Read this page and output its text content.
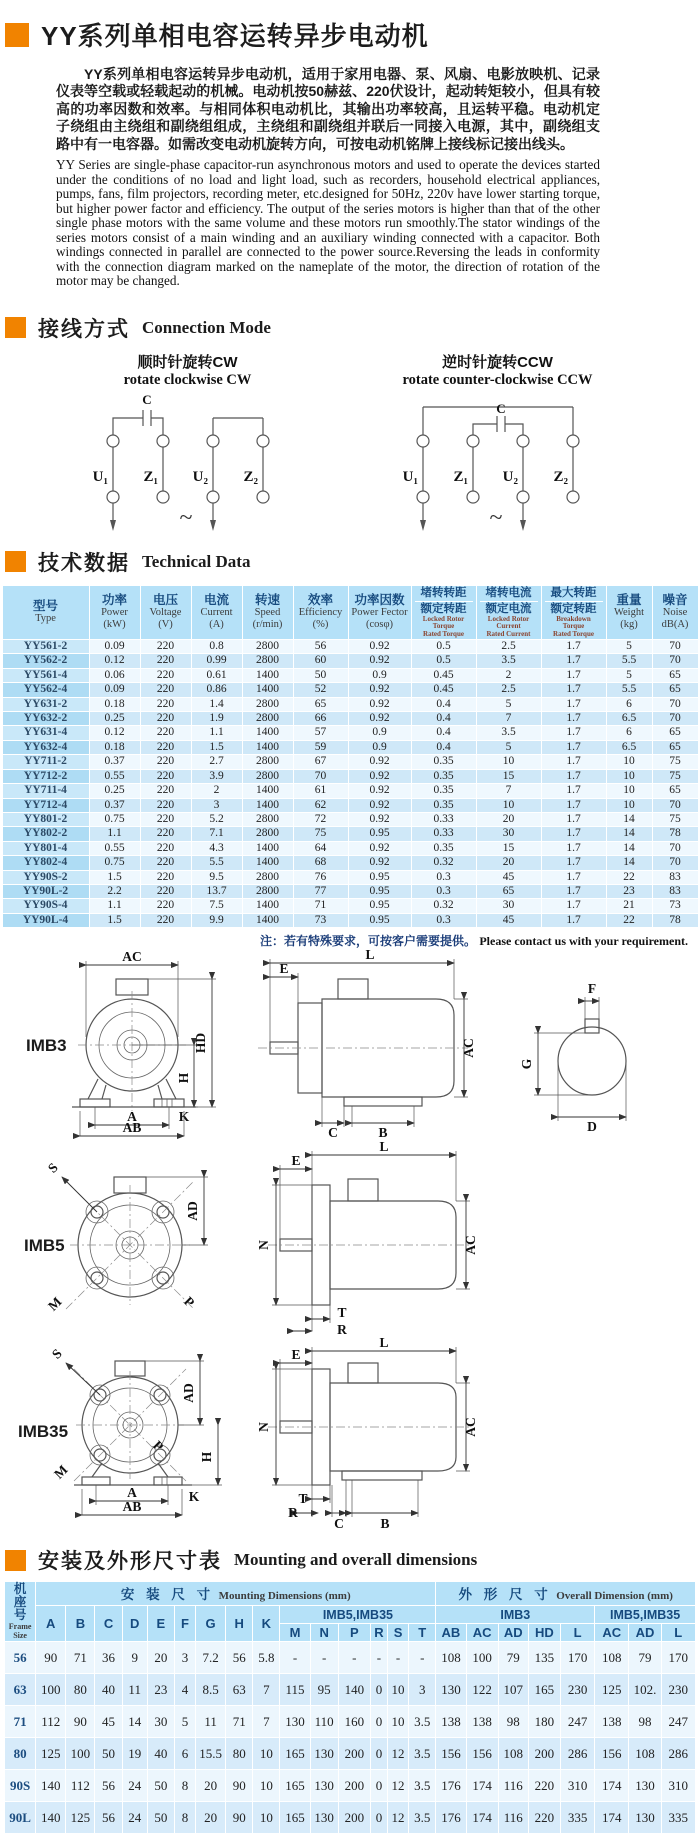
YY系列单相电容运转异步电动机

YY系列单相电容运转异步电动机，适用于家用电器、泵、风扇、电影放映机、记录仪表等空载或轻载起动的机械。电动机按50赫兹、220伏设计，起动转矩较小，但具有较高的功率因数和效率。与相同体积电动机比，其输出功率较高，且运转平稳。电动机定子绕组由主绕组和副绕组组成，主绕组和副绕组并联后一同接入电源，其中，副绕组支路中有一电容器。如需改变电动机旋转方向，可按电动机铭牌上接线标记接出线头。

YY Series are single-phase capacitor-run asynchronous motors and used to operate the devices started under the conditions of no load and light load, such as recorders, household electrical appliances, pumps, fans, film projectors, recording meter, etc.designed for 50Hz, 220v have lower starting torque, but higher power factor and efficiency. The output of the series motors is higher than that of the other single phase motors with the same volume and these motors run smoothly.The stator windings of the series motors consist of a main winding and an auxiliary winding connected with a capacitor. Both windings connected in parallel are connected to the power source.Reversing the leads in conformity with the connection diagram marked on the nameplate of the motor, the direction of rotation of the motor may be changed.

接线方式 Connection Mode
顺时针旋转CW
rotate clockwise CW
C
U₁ Z₁ U₂ Z₂
~
逆时针旋转CCW
rotate counter-clockwise CCW
C
U₁ Z₁ U₂ Z₂
~
技术数据 Technical Data
型号
Type

功率
Power
(kW)

电压
Voltage
(V)

电流
Current
(A)

转速
Speed
(r/min)

效率
Efficiency
(%)

功率因数
Power Fector
(cosφ)

堵转转距
额定转距
Locked Rotor
Torque
Rated Torque

堵转电流
额定电流
Locked Rotor
Current
Rated Current

最大转距
额定转距
Breakdown
Torque
Rated Torque

重量
Weight
(kg)

噪音
Noise
dB(A)

YY561-2	0.09	220	0.8	2800	56	0.92	0.5	2.5	1.7	5	70
YY562-2	0.12	220	0.99	2800	60	0.92	0.5	3.5	1.7	5.5	70
YY561-4	0.06	220	0.61	1400	50	0.9	0.45	2	1.7	5	65
YY562-4	0.09	220	0.86	1400	52	0.92	0.45	2.5	1.7	5.5	65
YY631-2	0.18	220	1.4	2800	65	0.92	0.4	5	1.7	6	70
YY632-2	0.25	220	1.9	2800	66	0.92	0.4	7	1.7	6.5	70
YY631-4	0.12	220	1.1	1400	57	0.9	0.4	3.5	1.7	6	65
YY632-4	0.18	220	1.5	1400	59	0.9	0.4	5	1.7	6.5	65
YY711-2	0.37	220	2.7	2800	67	0.92	0.35	10	1.7	10	75
YY712-2	0.55	220	3.9	2800	70	0.92	0.35	15	1.7	10	75
YY711-4	0.25	220	2	1400	61	0.92	0.35	7	1.7	10	65
YY712-4	0.37	220	3	1400	62	0.92	0.35	10	1.7	10	70
YY801-2	0.75	220	5.2	2800	72	0.92	0.33	20	1.7	14	75
YY802-2	1.1	220	7.1	2800	75	0.95	0.33	30	1.7	14	78
YY801-4	0.55	220	4.3	1400	64	0.92	0.35	15	1.7	14	70
YY802-4	0.75	220	5.5	1400	68	0.92	0.32	20	1.7	14	70
YY90S-2	1.5	220	9.5	2800	76	0.95	0.3	45	1.7	22	83
YY90L-2	2.2	220	13.7	2800	77	0.95	0.3	65	1.7	23	83
YY90S-4	1.1	220	7.5	1400	71	0.95	0.32	30	1.7	21	73
YY90L-4	1.5	220	9.9	1400	73	0.95	0.3	45	1.7	22	78
注：若有特殊要求，可按客户需要提供。 Please contact us with your requirement.
IMB3
AC
HD
H
K
A
AB
L
E
AC
C	B
F
G
D
IMB5
S
AD
M	P
L
E
N	AC
T
R
IMB35
S
AD
P
M
H
K
A
AB
L
E
N	AC
T
R
C	B
安装及外形尺寸表 Mounting and overall dimensions
机座号
Frame Size	安 装 尺 寸 Mounting Dimensions (mm)															外 形 尺 寸 Overall Dimension (mm)							
	A	B	C	D	E	F	G	H	K	IMB5,IMB35						IMB3					IMB5,IMB35		
										M	N	P	R	S	T	AB	AC	AD	HD	L	AC	AD	L
56	90	71	36	9	20	3	7.2	56	5.8	-	-	-	-	-	-	108	100	79	135	170	108	79	170
63	100	80	40	11	23	4	8.5	63	7	115	95	140	0	10	3	130	122	107	165	230	125	102.	230
71	112	90	45	14	30	5	11	71	7	130	110	160	0	10	3.5	138	138	98	180	247	138	98	247
80	125	100	50	19	40	6	15.5	80	10	165	130	200	0	12	3.5	156	156	108	200	286	156	108	286
90S	140	112	56	24	50	8	20	90	10	165	130	200	0	12	3.5	176	174	116	220	310	174	130	310
90L	140	125	56	24	50	8	20	90	10	165	130	200	0	12	3.5	176	174	116	220	335	174	130	335
